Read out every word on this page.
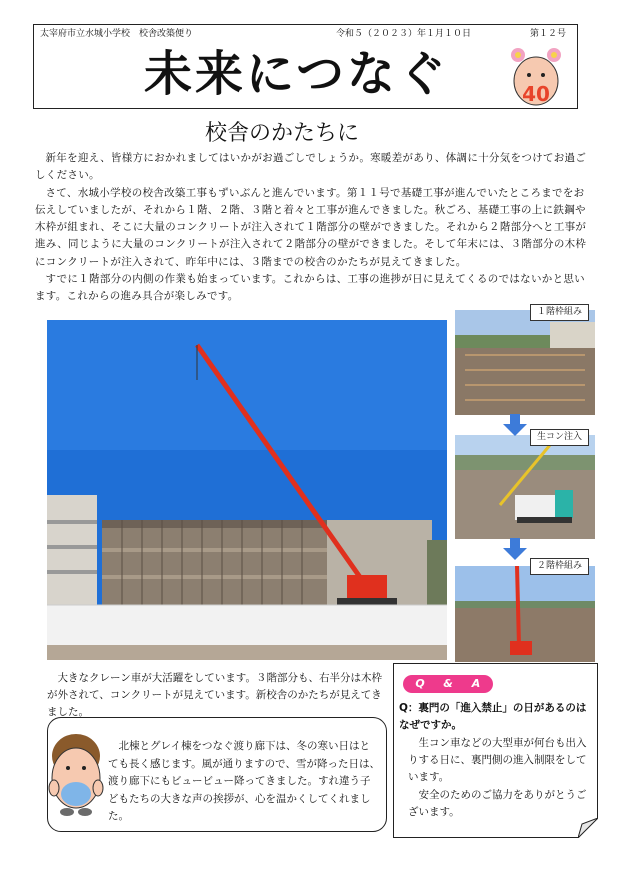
太宰府市立水城小学校　校舎改築便り	令和５（２０２３）年１月１０日	第１２号
未来につなぐ	40
校舎のかたちに

新年を迎え、皆様方におかれましてはいかがお過ごしでしょうか。寒暖差があり、体調に十分気をつけてお過ごしください。

さて、水城小学校の校舎改築工事もずいぶんと進んでいます。第１１号で基礎工事が進んでいたところまでをお伝えしていましたが、それから１階、２階、３階と着々と工事が進んできました。秋ごろ、基礎工事の上に鉄鋼や木枠が組まれ、そこに大量のコンクリートが注入されて１階部分の壁ができました。それから２階部分へと工事が進み、同じように大量のコンクリートが注入されて２階部分の壁ができました。そして年末には、３階部分の木枠にコンクリートが注入されて、昨年中には、３階までの校舎のかたちが見えてきました。

すでに１階部分の内側の作業も始まっています。これからは、工事の進捗が日に見えてくるのではないかと思います。これからの進み具合が楽しみです。

１階枠組み
生コン注入
２階枠組み

大きなクレーン車が大活躍をしています。３階部分も、右半分は木枠が外されて、コンクリートが見えています。新校舎のかたちが見えてきました。

北棟とグレイ棟をつなぐ渡り廊下は、冬の寒い日はとても長く感じます。風が通りますので、雪が降った日は、渡り廊下にもビュービュー降ってきました。すれ違う子どもたちの大きな声の挨拶が、心を温かくしてくれました。

Q	&	A
Q：裏門の「進入禁止」の日があるのはなぜですか。

生コン車などの大型車が何台も出入りする日に、裏門側の進入制限をしています。

安全のためのご協力をありがとうございます。
